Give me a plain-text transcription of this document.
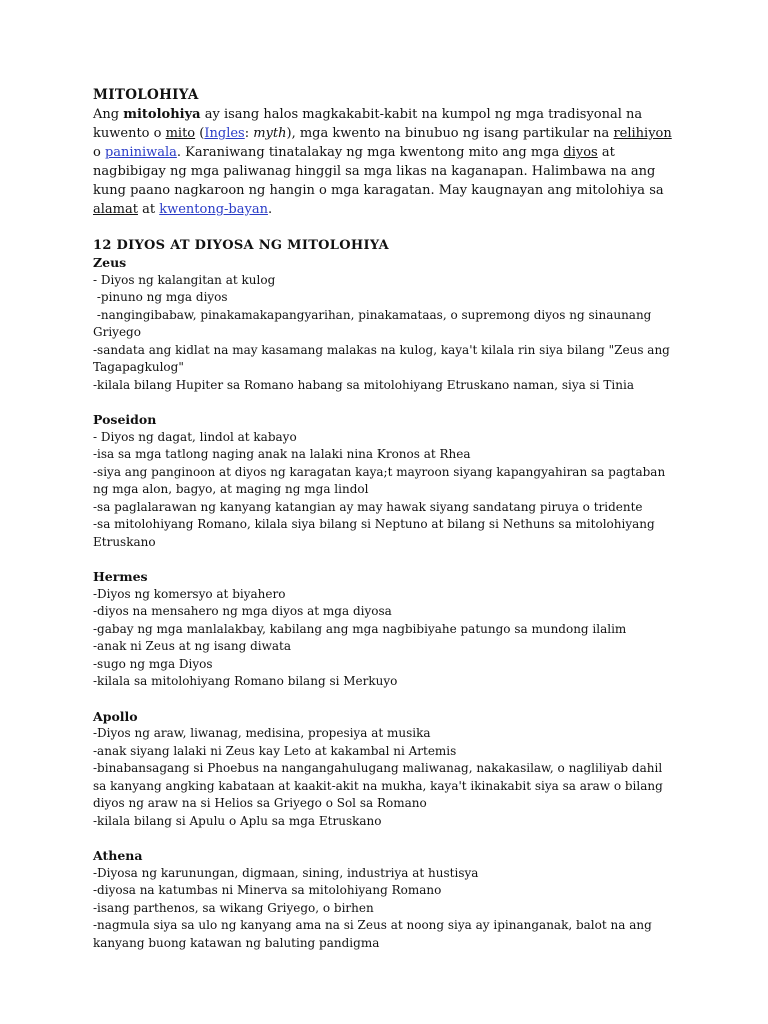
MITOLOHIYA

Ang mitolohiya ay isang halos magkakabit-kabit na kumpol ng mga tradisyonal na kuwento o mito (Ingles: myth), mga kwento na binubuo ng isang partikular na relihiyon o paniniwala. Karaniwang tinatalakay ng mga kwentong mito ang mga diyos at nagbibigay ng mga paliwanag hinggil sa mga likas na kaganapan. Halimbawa na ang kung paano nagkaroon ng hangin o mga karagatan. May kaugnayan ang mitolohiya sa alamat at kwentong-bayan.

12 DIYOS AT DIYOSA NG MITOLOHIYA

Zeus

- Diyos ng kalangitan at kulog

-pinuno ng mga diyos

-nangingibabaw, pinakamakapangyarihan, pinakamataas, o supremong diyos ng sinaunang Griyego

-sandata ang kidlat na may kasamang malakas na kulog, kaya't kilala rin siya bilang "Zeus ang Tagapagkulog"

-kilala bilang Hupiter sa Romano habang sa mitolohiyang Etruskano naman, siya si Tinia

Poseidon

- Diyos ng dagat, lindol at kabayo

-isa sa mga tatlong naging anak na lalaki nina Kronos at Rhea

-siya ang panginoon at diyos ng karagatan kaya;t mayroon siyang kapangyahiran sa pagtaban ng mga alon, bagyo, at maging ng mga lindol

-sa paglalarawan ng kanyang katangian ay may hawak siyang sandatang piruya o tridente

-sa mitolohiyang Romano, kilala siya bilang si Neptuno at bilang si Nethuns sa mitolohiyang Etruskano

Hermes

-Diyos ng komersyo at biyahero

-diyos na mensahero ng mga diyos at mga diyosa

-gabay ng mga manlalakbay, kabilang ang mga nagbibiyahe patungo sa mundong ilalim

-anak ni Zeus at ng isang diwata

-sugo ng mga Diyos

-kilala sa mitolohiyang Romano bilang si Merkuyo

Apollo

-Diyos ng araw, liwanag, medisina, propesiya at musika

-anak siyang lalaki ni Zeus kay Leto at kakambal ni Artemis

-binabansagang si Phoebus na nangangahulugang maliwanag, nakakasilaw, o nagliliyab dahil sa kanyang angking kabataan at kaakit-akit na mukha, kaya't ikinakabit siya sa araw o bilang diyos ng araw na si Helios sa Griyego o Sol sa Romano

-kilala bilang si Apulu o Aplu sa mga Etruskano

Athena

-Diyosa ng karunungan, digmaan, sining, industriya at hustisya

-diyosa na katumbas ni Minerva sa mitolohiyang Romano

-isang parthenos, sa wikang Griyego, o birhen

-nagmula siya sa ulo ng kanyang ama na si Zeus at noong siya ay ipinanganak, balot na ang kanyang buong katawan ng baluting pandigma
